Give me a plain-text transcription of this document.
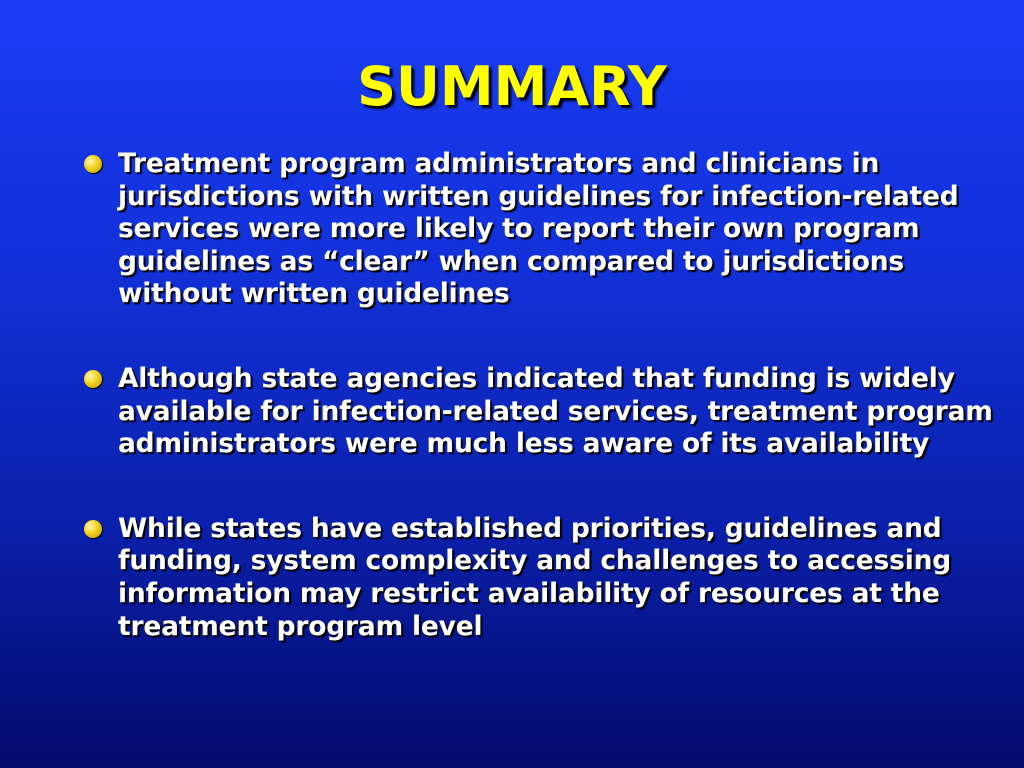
SUMMARY
Treatment program administrators and clinicians in jurisdictions with written guidelines for infection-related services were more likely to report their own program guidelines as “clear” when compared to jurisdictions without written guidelines
Although state agencies indicated that funding is widely available for infection-related services, treatment program administrators were much less aware of its availability
While states have established priorities, guidelines and funding, system complexity and challenges to accessing information may restrict availability of resources at the treatment program level
